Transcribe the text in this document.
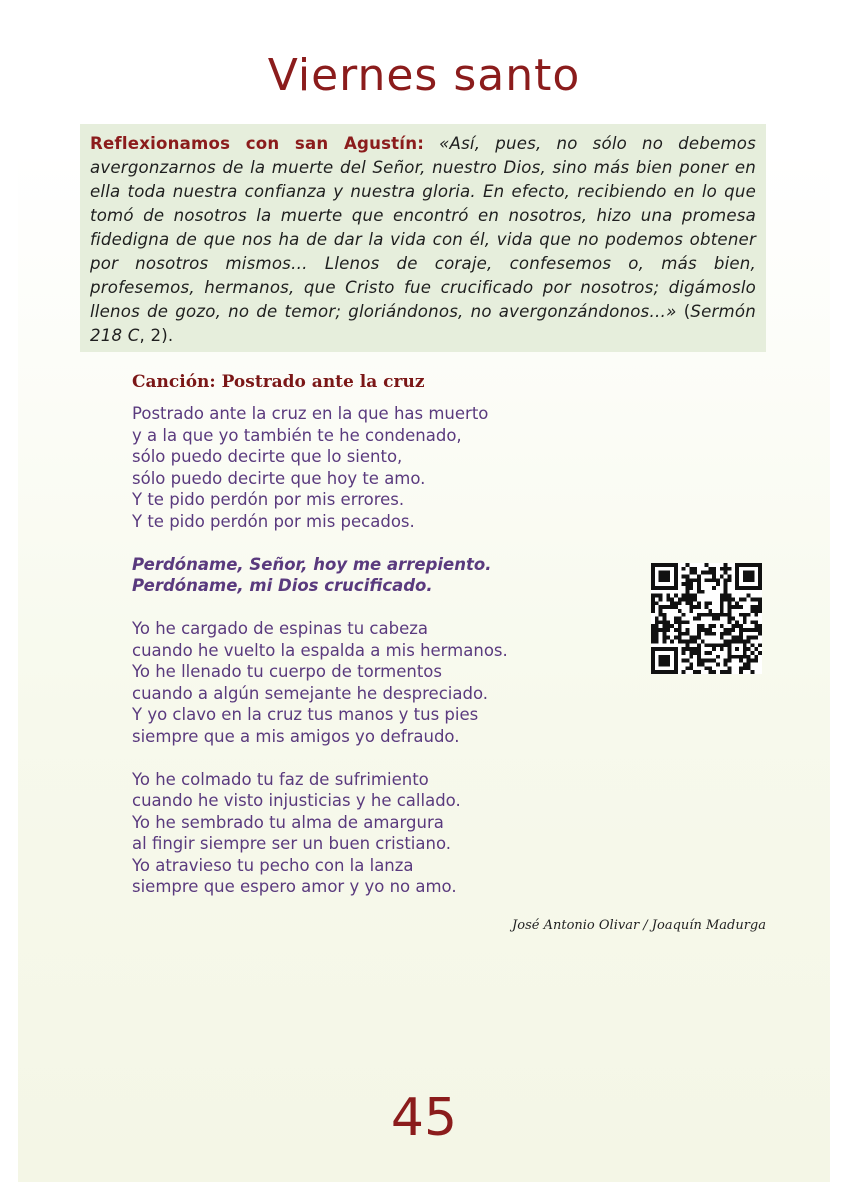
Viernes santo
Reflexionamos con san Agustín: «Así, pues, no sólo no debemos avergonzarnos de la muerte del Señor, nuestro Dios, sino más bien poner en ella toda nuestra confianza y nuestra gloria. En efecto, recibiendo en lo que tomó de nosotros la muerte que encontró en nosotros, hizo una promesa fidedigna de que nos ha de dar la vida con él, vida que no podemos obtener por nosotros mismos… Llenos de coraje, confesemos o, más bien, profesemos, hermanos, que Cristo fue crucificado por nosotros; digámoslo llenos de gozo, no de temor; gloriándonos, no avergonzándonos…» (Sermón 218 C, 2).
Canción: Postrado ante la cruz
Postrado ante la cruz en la que has muerto
y a la que yo también te he condenado,
sólo puedo decirte que lo siento,
sólo puedo decirte que hoy te amo.
Y te pido perdón por mis errores.
Y te pido perdón por mis pecados.
Perdóname, Señor, hoy me arrepiento.
Perdóname, mi Dios crucificado.
Yo he cargado de espinas tu cabeza
cuando he vuelto la espalda a mis hermanos.
Yo he llenado tu cuerpo de tormentos
cuando a algún semejante he despreciado.
Y yo clavo en la cruz tus manos y tus pies
siempre que a mis amigos yo defraudo.
Yo he colmado tu faz de sufrimiento
cuando he visto injusticias y he callado.
Yo he sembrado tu alma de amargura
al fingir siempre ser un buen cristiano.
Yo atravieso tu pecho con la lanza
siempre que espero amor y yo no amo.
José Antonio Olivar / Joaquín Madurga
45
